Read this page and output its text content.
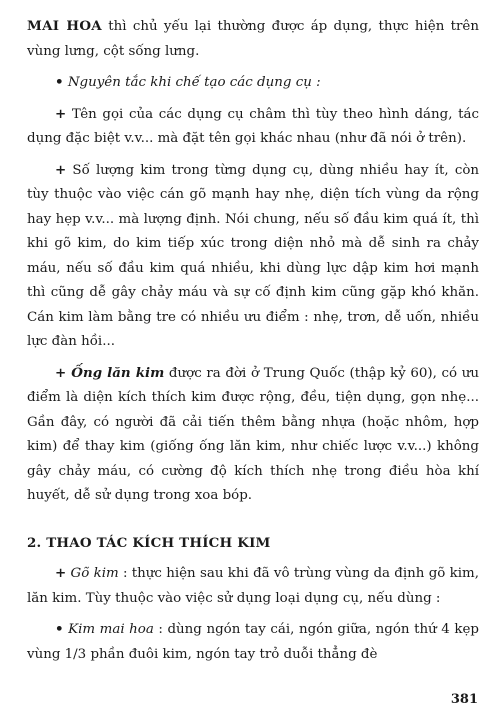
MAI HOA thì chủ yếu lại thường được áp dụng, thực hiện trên vùng lưng, cột sống lưng.

• Nguyên tắc khi chế tạo các dụng cụ :

+ Tên gọi của các dụng cụ châm thì tùy theo hình dáng, tác dụng đặc biệt v.v... mà đặt tên gọi khác nhau (như đã nói ở trên).

+ Số lượng kim trong từng dụng cụ, dùng nhiều hay ít, còn tùy thuộc vào việc cán gõ mạnh hay nhẹ, diện tích vùng da rộng hay hẹp v.v... mà lượng định. Nói chung, nếu số đầu kim quá ít, thì khi gõ kim, do kim tiếp xúc trong diện nhỏ mà dễ sinh ra chảy máu, nếu số đầu kim quá nhiều, khi dùng lực dập kim hơi mạnh thì cũng dễ gây chảy máu và sự cố định kim cũng gặp khó khăn. Cán kim làm bằng tre có nhiều ưu điểm : nhẹ, trơn, dễ uốn, nhiều lực đàn hồi...

+ Ống lăn kim được ra đời ở Trung Quốc (thập kỷ 60), có ưu điểm là diện kích thích kim được rộng, đều, tiện dụng, gọn nhẹ... Gần đây, có người đã cải tiến thêm bằng nhựa (hoặc nhôm, hợp kim) để thay kim (giống ống lăn kim, như chiếc lược v.v...) không gây chảy máu, có cường độ kích thích nhẹ trong điều hòa khí huyết, dễ sử dụng trong xoa bóp.

2. THAO TÁC KÍCH THÍCH KIM

+ Gõ kim : thực hiện sau khi đã vô trùng vùng da định gõ kim, lăn kim. Tùy thuộc vào việc sử dụng loại dụng cụ, nếu dùng :

• Kim mai hoa : dùng ngón tay cái, ngón giữa, ngón thứ 4 kẹp vùng 1/3 phần đuôi kim, ngón tay trỏ duỗi thẳng đè

381
